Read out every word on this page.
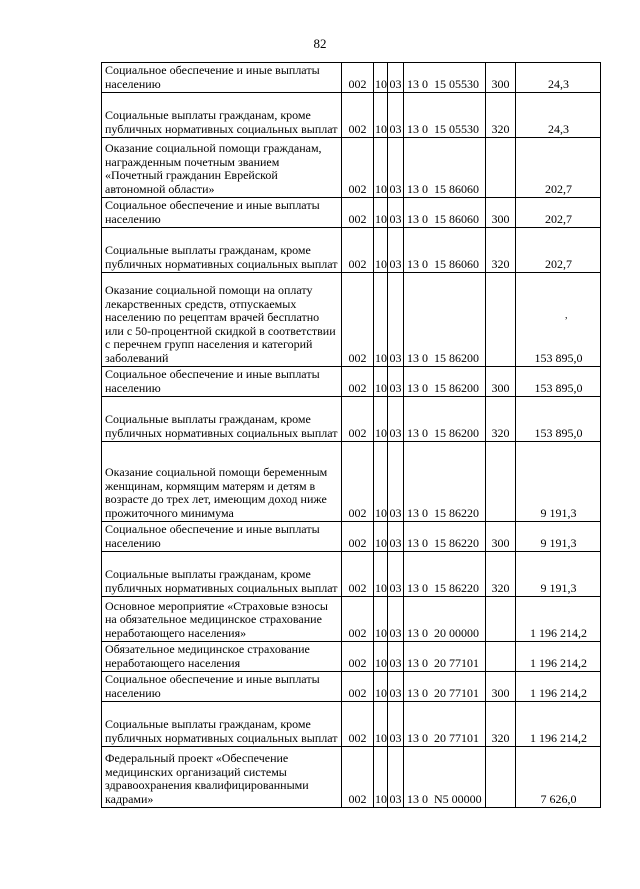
82
Социальное обеспечение и иные выплаты населению	002	10	03	13 0 15 05530	300	24,3
Социальные выплаты гражданам, кроме публичных нормативных социальных выплат	002	10	03	13 0 15 05530	320	24,3
Оказание социальной помощи гражданам, награжденным почетным званием «Почетный гражданин Еврейской автономной области»	002	10	03	13 0 15 86060		202,7
Социальное обеспечение и иные выплаты населению	002	10	03	13 0 15 86060	300	202,7
Социальные выплаты гражданам, кроме публичных нормативных социальных выплат	002	10	03	13 0 15 86060	320	202,7
Оказание социальной помощи на оплату лекарственных средств, отпускаемых населению по рецептам врачей бесплатно или с 50-процентной скидкой в соответствии с перечнем групп населения и категорий заболеваний	002	10	03	13 0 15 86200		153 895,0
Социальное обеспечение и иные выплаты населению	002	10	03	13 0 15 86200	300	153 895,0
Социальные выплаты гражданам, кроме публичных нормативных социальных выплат	002	10	03	13 0 15 86200	320	153 895,0
Оказание социальной помощи беременным женщинам, кормящим матерям и детям в возрасте до трех лет, имеющим доход ниже прожиточного минимума	002	10	03	13 0 15 86220		9 191,3
Социальное обеспечение и иные выплаты населению	002	10	03	13 0 15 86220	300	9 191,3
Социальные выплаты гражданам, кроме публичных нормативных социальных выплат	002	10	03	13 0 15 86220	320	9 191,3
Основное мероприятие «Страховые взносы на обязательное медицинское страхование неработающего населения»	002	10	03	13 0 20 00000		1 196 214,2
Обязательное медицинское страхование неработающего населения	002	10	03	13 0 20 77101		1 196 214,2
Социальное обеспечение и иные выплаты населению	002	10	03	13 0 20 77101	300	1 196 214,2
Социальные выплаты гражданам, кроме публичных нормативных социальных выплат	002	10	03	13 0 20 77101	320	1 196 214,2
Федеральный проект «Обеспечение медицинских организаций системы здравоохранения квалифицированными кадрами»	002	10	03	13 0 N5 00000		7 626,0
,
